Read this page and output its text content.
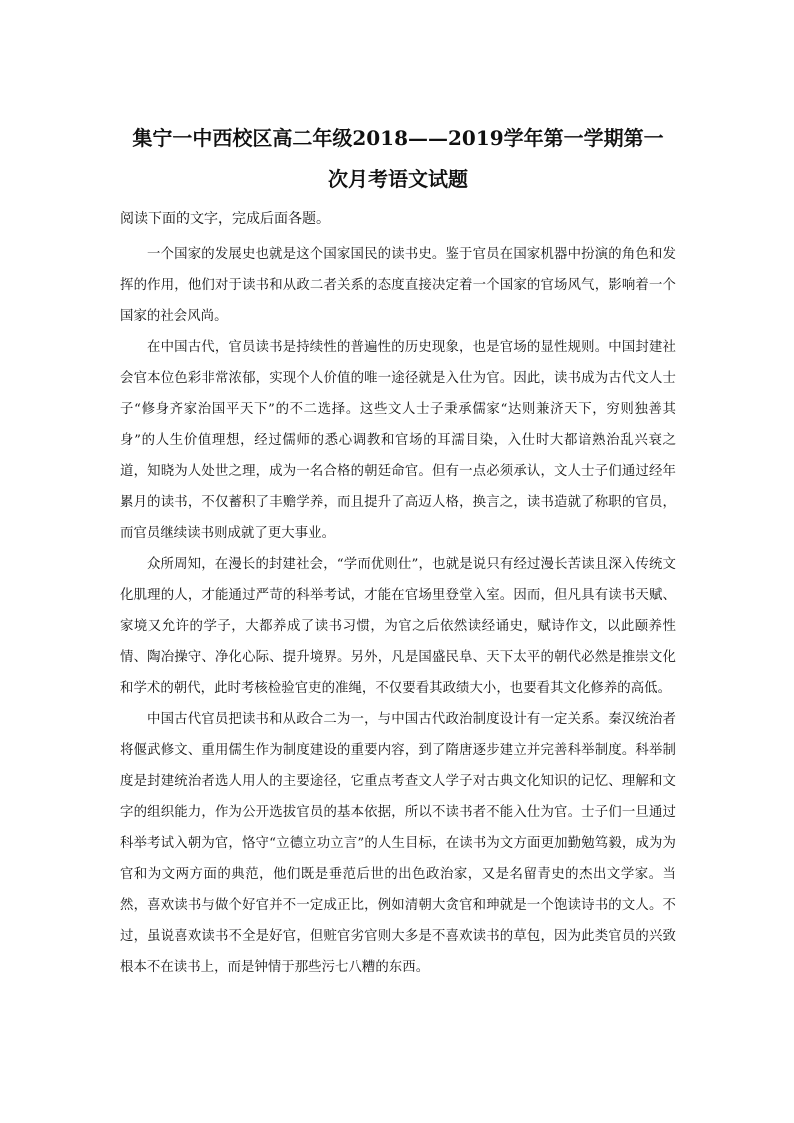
集宁一中西校区高二年级2018——2019学年第一学期第一
次月考语文试题
阅读下面的文字，完成后面各题。

一个国家的发展史也就是这个国家国民的读书史。鉴于官员在国家机器中扮演的角色和发挥的作用，他们对于读书和从政二者关系的态度直接决定着一个国家的官场风气，影响着一个国家的社会风尚。

在中国古代，官员读书是持续性的普遍性的历史现象，也是官场的显性规则。中国封建社会官本位色彩非常浓郁，实现个人价值的唯一途径就是入仕为官。因此，读书成为古代文人士子“修身齐家治国平天下”的不二选择。这些文人士子秉承儒家“达则兼济天下，穷则独善其身”的人生价值理想，经过儒师的悉心调教和官场的耳濡目染，入仕时大都谙熟治乱兴衰之道，知晓为人处世之理，成为一名合格的朝廷命官。但有一点必须承认，文人士子们通过经年累月的读书，不仅蓄积了丰赡学养，而且提升了高迈人格，换言之，读书造就了称职的官员，而官员继续读书则成就了更大事业。

众所周知，在漫长的封建社会，“学而优则仕”，也就是说只有经过漫长苦读且深入传统文化肌理的人，才能通过严苛的科举考试，才能在官场里登堂入室。因而，但凡具有读书天赋、家境又允许的学子，大都养成了读书习惯，为官之后依然读经诵史，赋诗作文，以此颐养性情、陶冶操守、净化心际、提升境界。另外，凡是国盛民阜、天下太平的朝代必然是推崇文化和学术的朝代，此时考核检验官吏的准绳，不仅要看其政绩大小，也要看其文化修养的高低。

中国古代官员把读书和从政合二为一，与中国古代政治制度设计有一定关系。秦汉统治者将偃武修文、重用儒生作为制度建设的重要内容，到了隋唐逐步建立并完善科举制度。科举制度是封建统治者选人用人的主要途径，它重点考查文人学子对古典文化知识的记忆、理解和文字的组织能力，作为公开选拔官员的基本依据，所以不读书者不能入仕为官。士子们一旦通过科举考试入朝为官，恪守“立德立功立言”的人生目标，在读书为文方面更加勤勉笃毅，成为为官和为文两方面的典范，他们既是垂范后世的出色政治家，又是名留青史的杰出文学家。当然，喜欢读书与做个好官并不一定成正比，例如清朝大贪官和珅就是一个饱读诗书的文人。不过，虽说喜欢读书不全是好官，但赃官劣官则大多是不喜欢读书的草包，因为此类官员的兴致根本不在读书上，而是钟情于那些污七八糟的东西。
